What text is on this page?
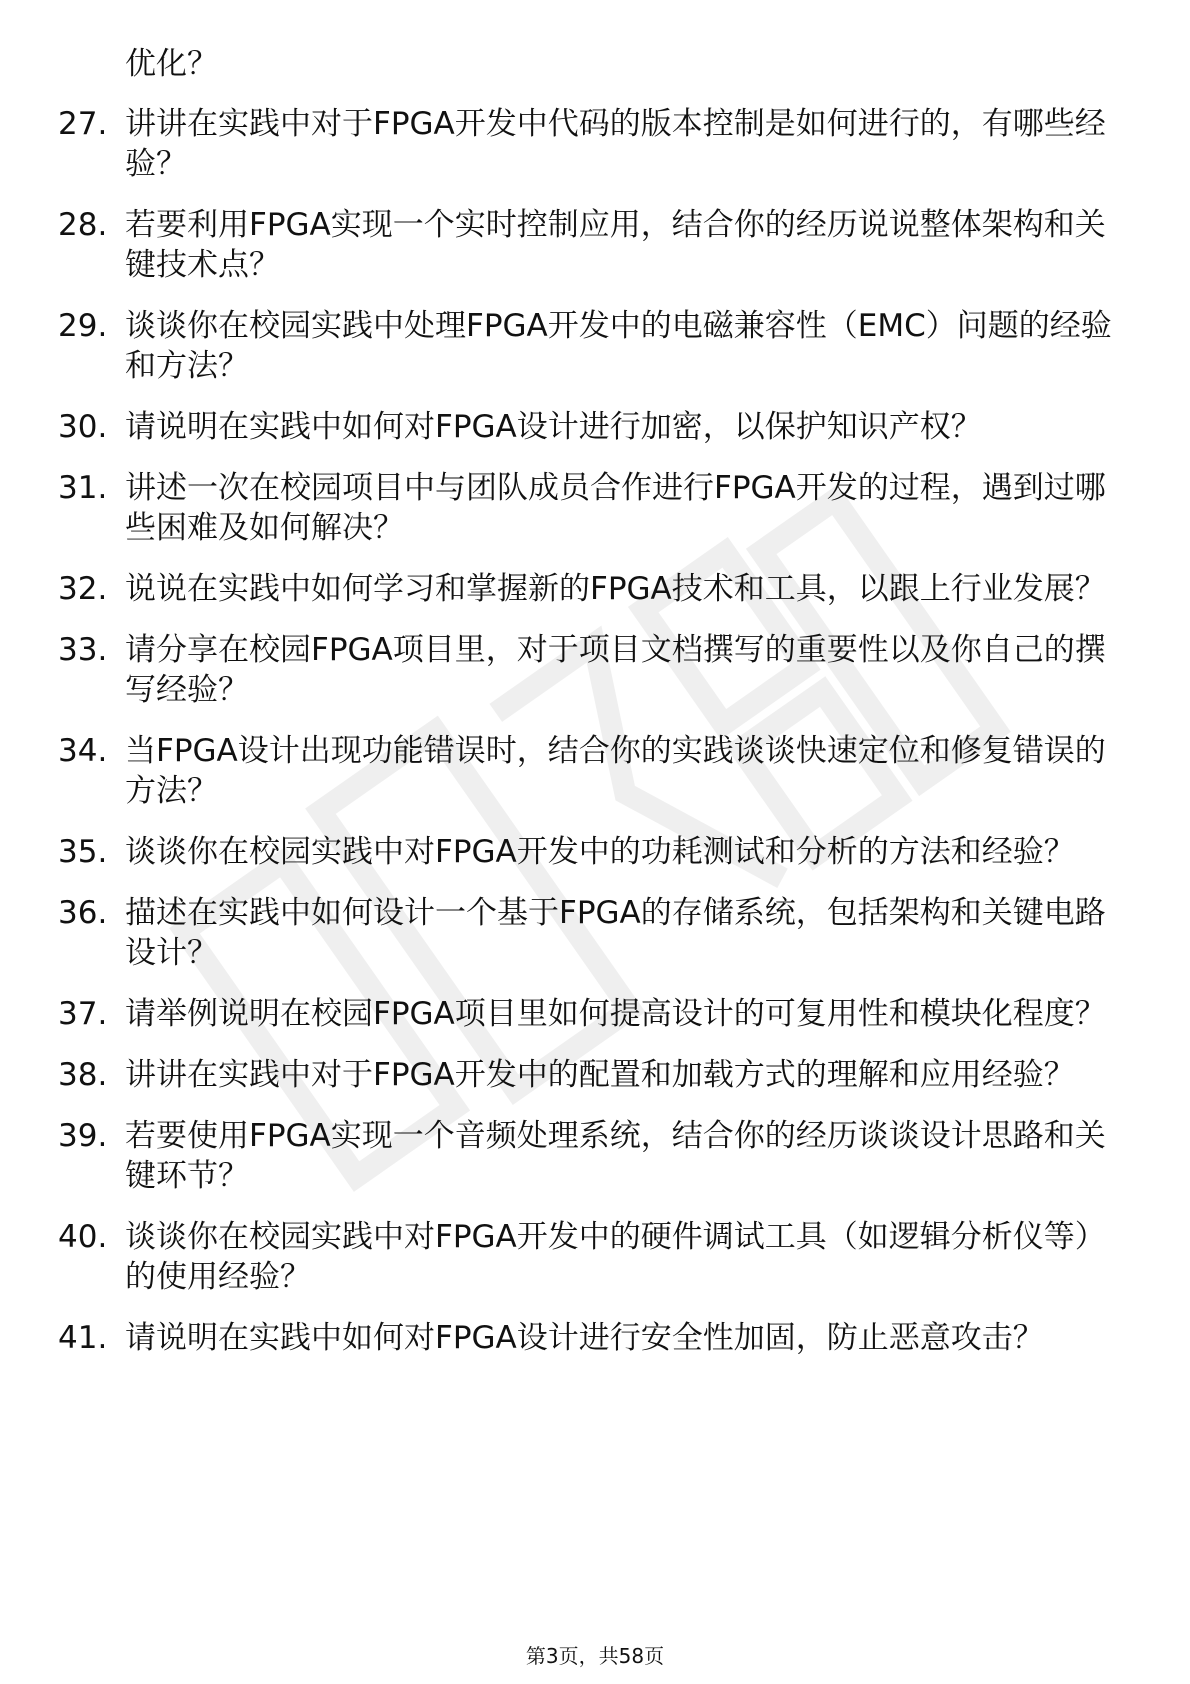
优化？
27. 讲讲在实践中对于FPGA开发中代码的版本控制是如何进行的，有哪些经验？
28. 若要利用FPGA实现一个实时控制应用，结合你的经历说说整体架构和关键技术点？
29. 谈谈你在校园实践中处理FPGA开发中的电磁兼容性（EMC）问题的经验和方法？
30. 请说明在实践中如何对FPGA设计进行加密，以保护知识产权？
31. 讲述一次在校园项目中与团队成员合作进行FPGA开发的过程，遇到过哪些困难及如何解决？
32. 说说在实践中如何学习和掌握新的FPGA技术和工具，以跟上行业发展？
33. 请分享在校园FPGA项目里，对于项目文档撰写的重要性以及你自己的撰写经验？
34. 当FPGA设计出现功能错误时，结合你的实践谈谈快速定位和修复错误的方法？
35. 谈谈你在校园实践中对FPGA开发中的功耗测试和分析的方法和经验？
36. 描述在实践中如何设计一个基于FPGA的存储系统，包括架构和关键电路设计？
37. 请举例说明在校园FPGA项目里如何提高设计的可复用性和模块化程度？
38. 讲讲在实践中对于FPGA开发中的配置和加载方式的理解和应用经验？
39. 若要使用FPGA实现一个音频处理系统，结合你的经历谈谈设计思路和关键环节？
40. 谈谈你在校园实践中对FPGA开发中的硬件调试工具（如逻辑分析仪等）的使用经验？
41. 请说明在实践中如何对FPGA设计进行安全性加固，防止恶意攻击？
第3页，共58页
